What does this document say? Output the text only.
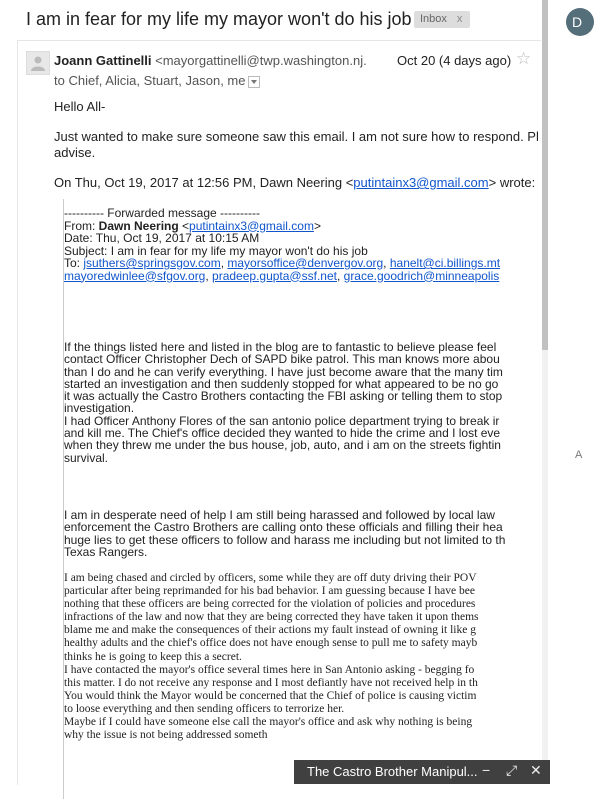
I am in fear for my life my mayor won't do his job Inbox x	D
A
Joann Gattinelli <mayorgattinelli@twp.washington.nj. Oct 20 (4 days ago) ☆
to Chief, Alicia, Stuart, Jason, me

Hello All-

Just wanted to make sure someone saw this email. I am not sure how to respond. Pl

advise.

On Thu, Oct 19, 2017 at 12:56 PM, Dawn Neering <putintainx3@gmail.com> wrote:

---------- Forwarded message ----------
From: Dawn Neering <putintainx3@gmail.com>
Date: Thu, Oct 19, 2017 at 10:15 AM
Subject: I am in fear for my life my mayor won't do his job
To: jsuthers@springsgov.com, mayorsoffice@denvergov.org, hanelt@ci.billings.mt
mayoredwinlee@sfgov.org, pradeep.gupta@ssf.net, grace.goodrich@minneapolis
If the things listed here and listed in the blog are to fantastic to believe please feel
contact Officer Christopher Dech of SAPD bike patrol. This man knows more abou
than I do and he can verify everything. I have just become aware that the many tim
started an investigation and then suddenly stopped for what appeared to be no go
it was actually the Castro Brothers contacting the FBI asking or telling them to stop
investigation.
I had Officer Anthony Flores of the san antonio police department trying to break ir
and kill me. The Chief's office decided they wanted to hide the crime and I lost eve
when they threw me under the bus house, job, auto, and i am on the streets fightin
survival.
I am in desperate need of help I am still being harassed and followed by local law
enforcement the Castro Brothers are calling onto these officials and filling their hea
huge lies to get these officers to follow and harass me including but not limited to th
Texas Rangers.
I am being chased and circled by officers, some while they are off duty driving their POV
particular after being reprimanded for his bad behavior. I am guessing because I have bee
nothing that these officers are being corrected for the violation of policies and procedures
infractions of the law and now that they are being corrected they have taken it upon thems
blame me and make the consequences of their actions my fault instead of owning it like g
healthy adults and the chief's office does not have enough sense to pull me to safety mayb
thinks he is going to keep this a secret.
I have contacted the mayor's office several times here in San Antonio asking - begging fo
this matter. I do not receive any response and I most defiantly have not received help in th
You would think the Mayor would be concerned that the Chief of police is causing victim
to loose everything and then sending officers to terrorize her.
Maybe if I could have someone else call the mayor's office and ask why nothing is being
why the issue is not being addressed someth
The Castro Brother Manipul... − ⤢ ✕
